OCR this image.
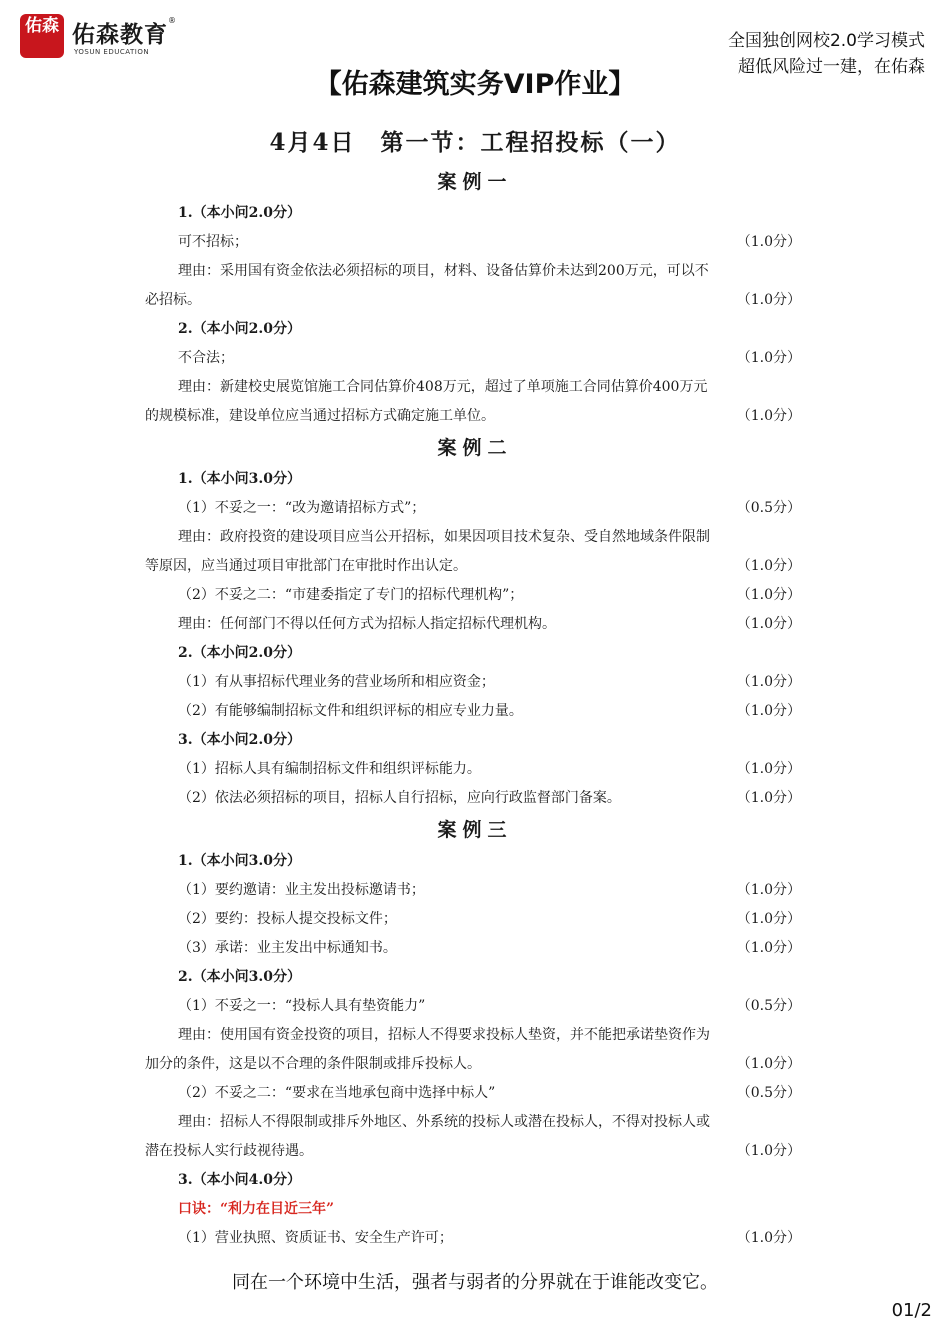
佑森 佑森教育
®
YOSUN EDUCATION
全国独创网校2.0学习模式
超低风险过一建，在佑森
【佑森建筑实务VIP作业】
4月4日　第一节：工程招投标（一）
案例一
1.（本小问2.0分）
可不招标；	（1.0分）
理由：采用国有资金依法必须招标的项目，材料、设备估算价未达到200万元，可以不
必招标。	（1.0分）
2.（本小问2.0分）
不合法；	（1.0分）
理由：新建校史展览馆施工合同估算价408万元，超过了单项施工合同估算价400万元
的规模标准，建设单位应当通过招标方式确定施工单位。	（1.0分）
案例二
1.（本小问3.0分）
（1）不妥之一：“改为邀请招标方式”；	（0.5分）
理由：政府投资的建设项目应当公开招标，如果因项目技术复杂、受自然地域条件限制
等原因，应当通过项目审批部门在审批时作出认定。	（1.0分）
（2）不妥之二：“市建委指定了专门的招标代理机构”；	（1.0分）
理由：任何部门不得以任何方式为招标人指定招标代理机构。	（1.0分）
2.（本小问2.0分）
（1）有从事招标代理业务的营业场所和相应资金；	（1.0分）
（2）有能够编制招标文件和组织评标的相应专业力量。	（1.0分）
3.（本小问2.0分）
（1）招标人具有编制招标文件和组织评标能力。	（1.0分）
（2）依法必须招标的项目，招标人自行招标，应向行政监督部门备案。	（1.0分）
案例三
1.（本小问3.0分）
（1）要约邀请：业主发出投标邀请书；	（1.0分）
（2）要约：投标人提交投标文件；	（1.0分）
（3）承诺：业主发出中标通知书。	（1.0分）
2.（本小问3.0分）
（1）不妥之一：“投标人具有垫资能力”	（0.5分）
理由：使用国有资金投资的项目，招标人不得要求投标人垫资，并不能把承诺垫资作为
加分的条件，这是以不合理的条件限制或排斥投标人。	（1.0分）
（2）不妥之二：“要求在当地承包商中选择中标人”	（0.5分）
理由：招标人不得限制或排斥外地区、外系统的投标人或潜在投标人，不得对投标人或
潜在投标人实行歧视待遇。	（1.0分）
3.（本小问4.0分）
口诀：“利力在目近三年”
（1）营业执照、资质证书、安全生产许可；	（1.0分）
同在一个环境中生活，强者与弱者的分界就在于谁能改变它。
01/2
